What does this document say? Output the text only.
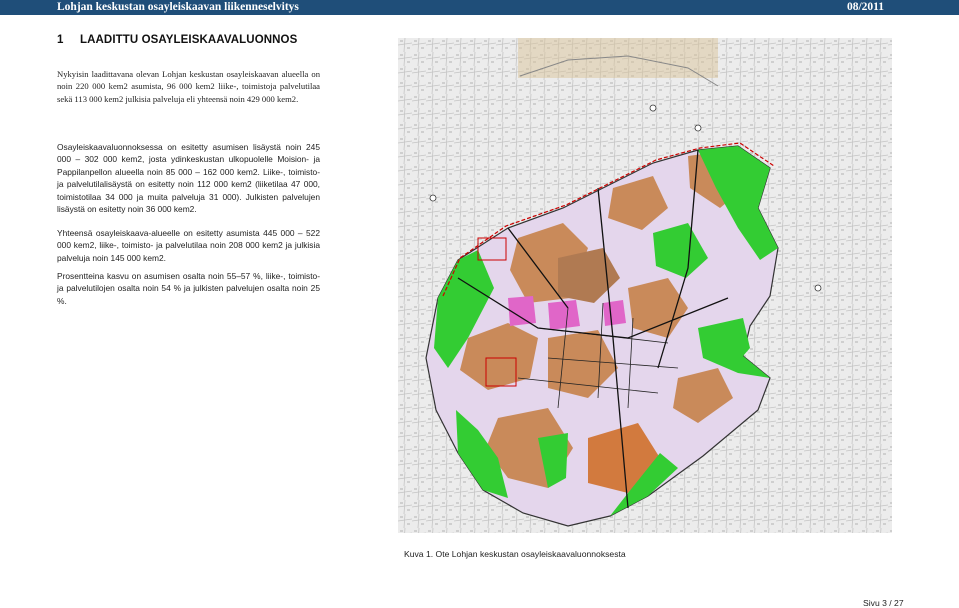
Lohjan keskustan osayleiskaavan liikenneselvitys	08/2011
1 LAADITTU OSAYLEISKAAVALUONNOS
Nykyisin laadittavana olevan Lohjan keskustan osayleiskaavan alueella on noin 220 000 kem2 asumista, 96 000 kem2 liike-, toimistoja palvelutilaa sekä 113 000 kem2 julkisia palveluja eli yhteensä noin 429 000 kem2.
Osayleiskaavaluonnoksessa on esitetty asumisen lisäystä noin 245 000 – 302 000 kem2, josta ydinkeskustan ulkopuolelle Moision- ja Pappilanpellon alueella noin 85 000 – 162 000 kem2. Liike-, toimisto- ja palvelutilalisäystä on esitetty noin 112 000 kem2 (liiketilaa 47 000, toimistotilaa 34 000 ja muita palveluja 31 000). Julkisten palvelujen lisäystä on esitetty noin 36 000 kem2.
Yhteensä osayleiskaava-alueelle on esitetty asumista 445 000 – 522 000 kem2, liike-, toimisto- ja palvelutilaa noin 208 000 kem2 ja julkisia palveluja noin 145 000 kem2.
Prosentteina kasvu on asumisen osalta noin 55–57 %, liike-, toimisto- ja palvelutilojen osalta noin 54 % ja julkisten palvelujen osalta noin 25 %.
Kuva 1. Ote Lohjan keskustan osayleiskaavaluonnoksesta
Sivu 3 / 27
